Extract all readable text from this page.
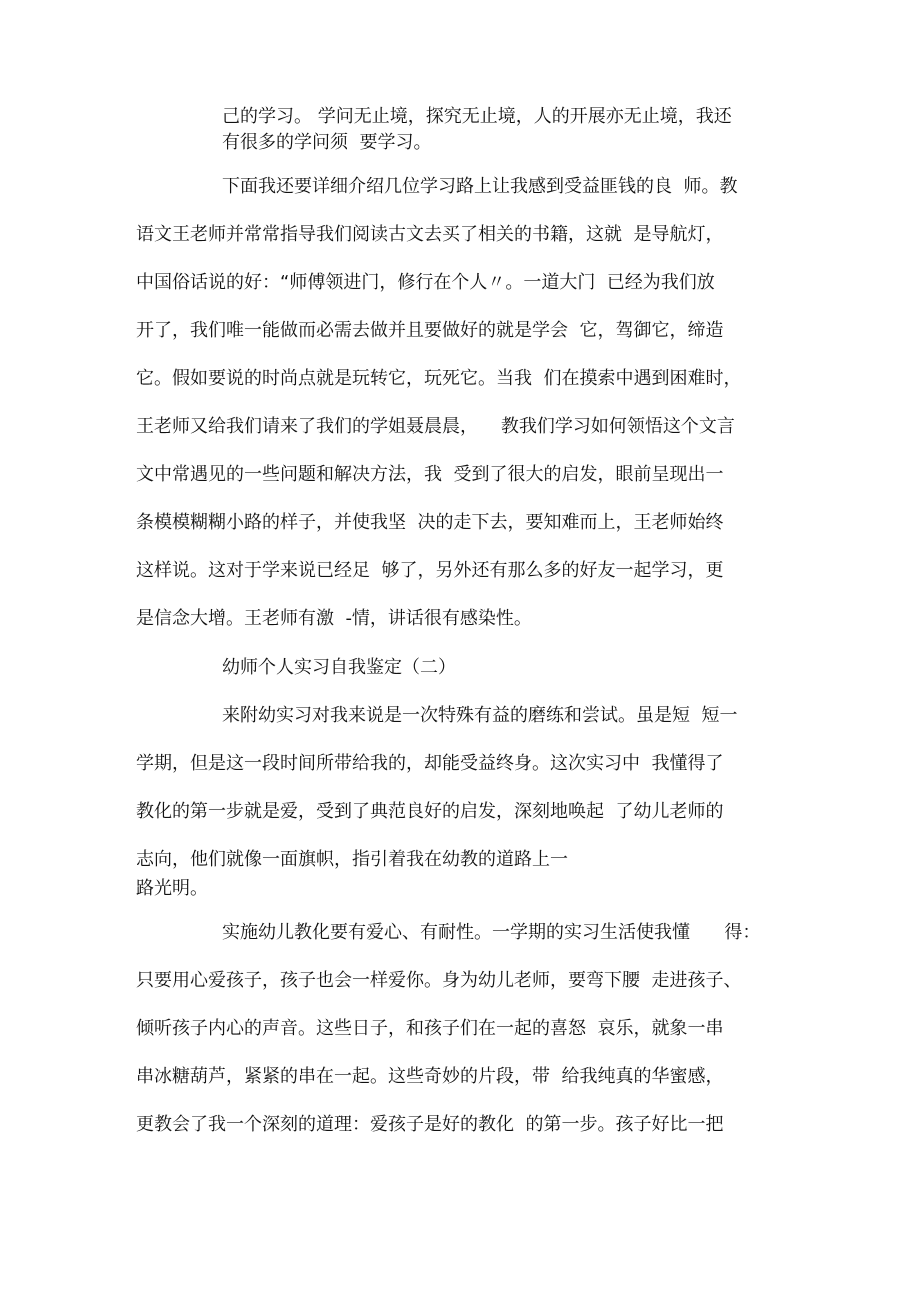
己的学习。 学问无止境，探究无止境，人的开展亦无止境，我还
有很多的学问须  要学习。
下面我还要详细介绍几位学习路上让我感到受益匪钱的良  师。教
语文王老师并常常指导我们阅读古文去买了相关的书籍，这就  是导航灯，
中国俗话说的好：“师傅领进门，修行在个人〃。一道大门  已经为我们放
开了，我们唯一能做而必需去做并且要做好的就是学会  它，驾御它，缔造
它。假如要说的时尚点就是玩转它，玩死它。当我  们在摸索中遇到困难时，
王老师又给我们请来了我们的学姐聂晨晨，    教我们学习如何领悟这个文言
文中常遇见的一些问题和解决方法，我  受到了很大的启发，眼前呈现出一
条模模糊糊小路的样子，并使我坚  决的走下去，要知难而上，王老师始终
这样说。这对于学来说已经足  够了，另外还有那么多的好友一起学习，更
是信念大增。王老师有激  -情，讲话很有感染性。
幼师个人实习自我鉴定（二）
来附幼实习对我来说是一次特殊有益的磨练和尝试。虽是短  短一
学期，但是这一段时间所带给我的，却能受益终身。这次实习中  我懂得了
教化的第一步就是爱，受到了典范良好的启发，深刻地唤起  了幼儿老师的
志向，他们就像一面旗帜，指引着我在幼教的道路上一
路光明。
实施幼儿教化要有爱心、有耐性。一学期的实习生活使我懂      得：
只要用心爱孩子，孩子也会一样爱你。身为幼儿老师，要弯下腰  走进孩子、
倾听孩子内心的声音。这些日子，和孩子们在一起的喜怒  哀乐，就象一串
串冰糖葫芦，紧紧的串在一起。这些奇妙的片段，带  给我纯真的华蜜感，
更教会了我一个深刻的道理：爱孩子是好的教化  的第一步。孩子好比一把
